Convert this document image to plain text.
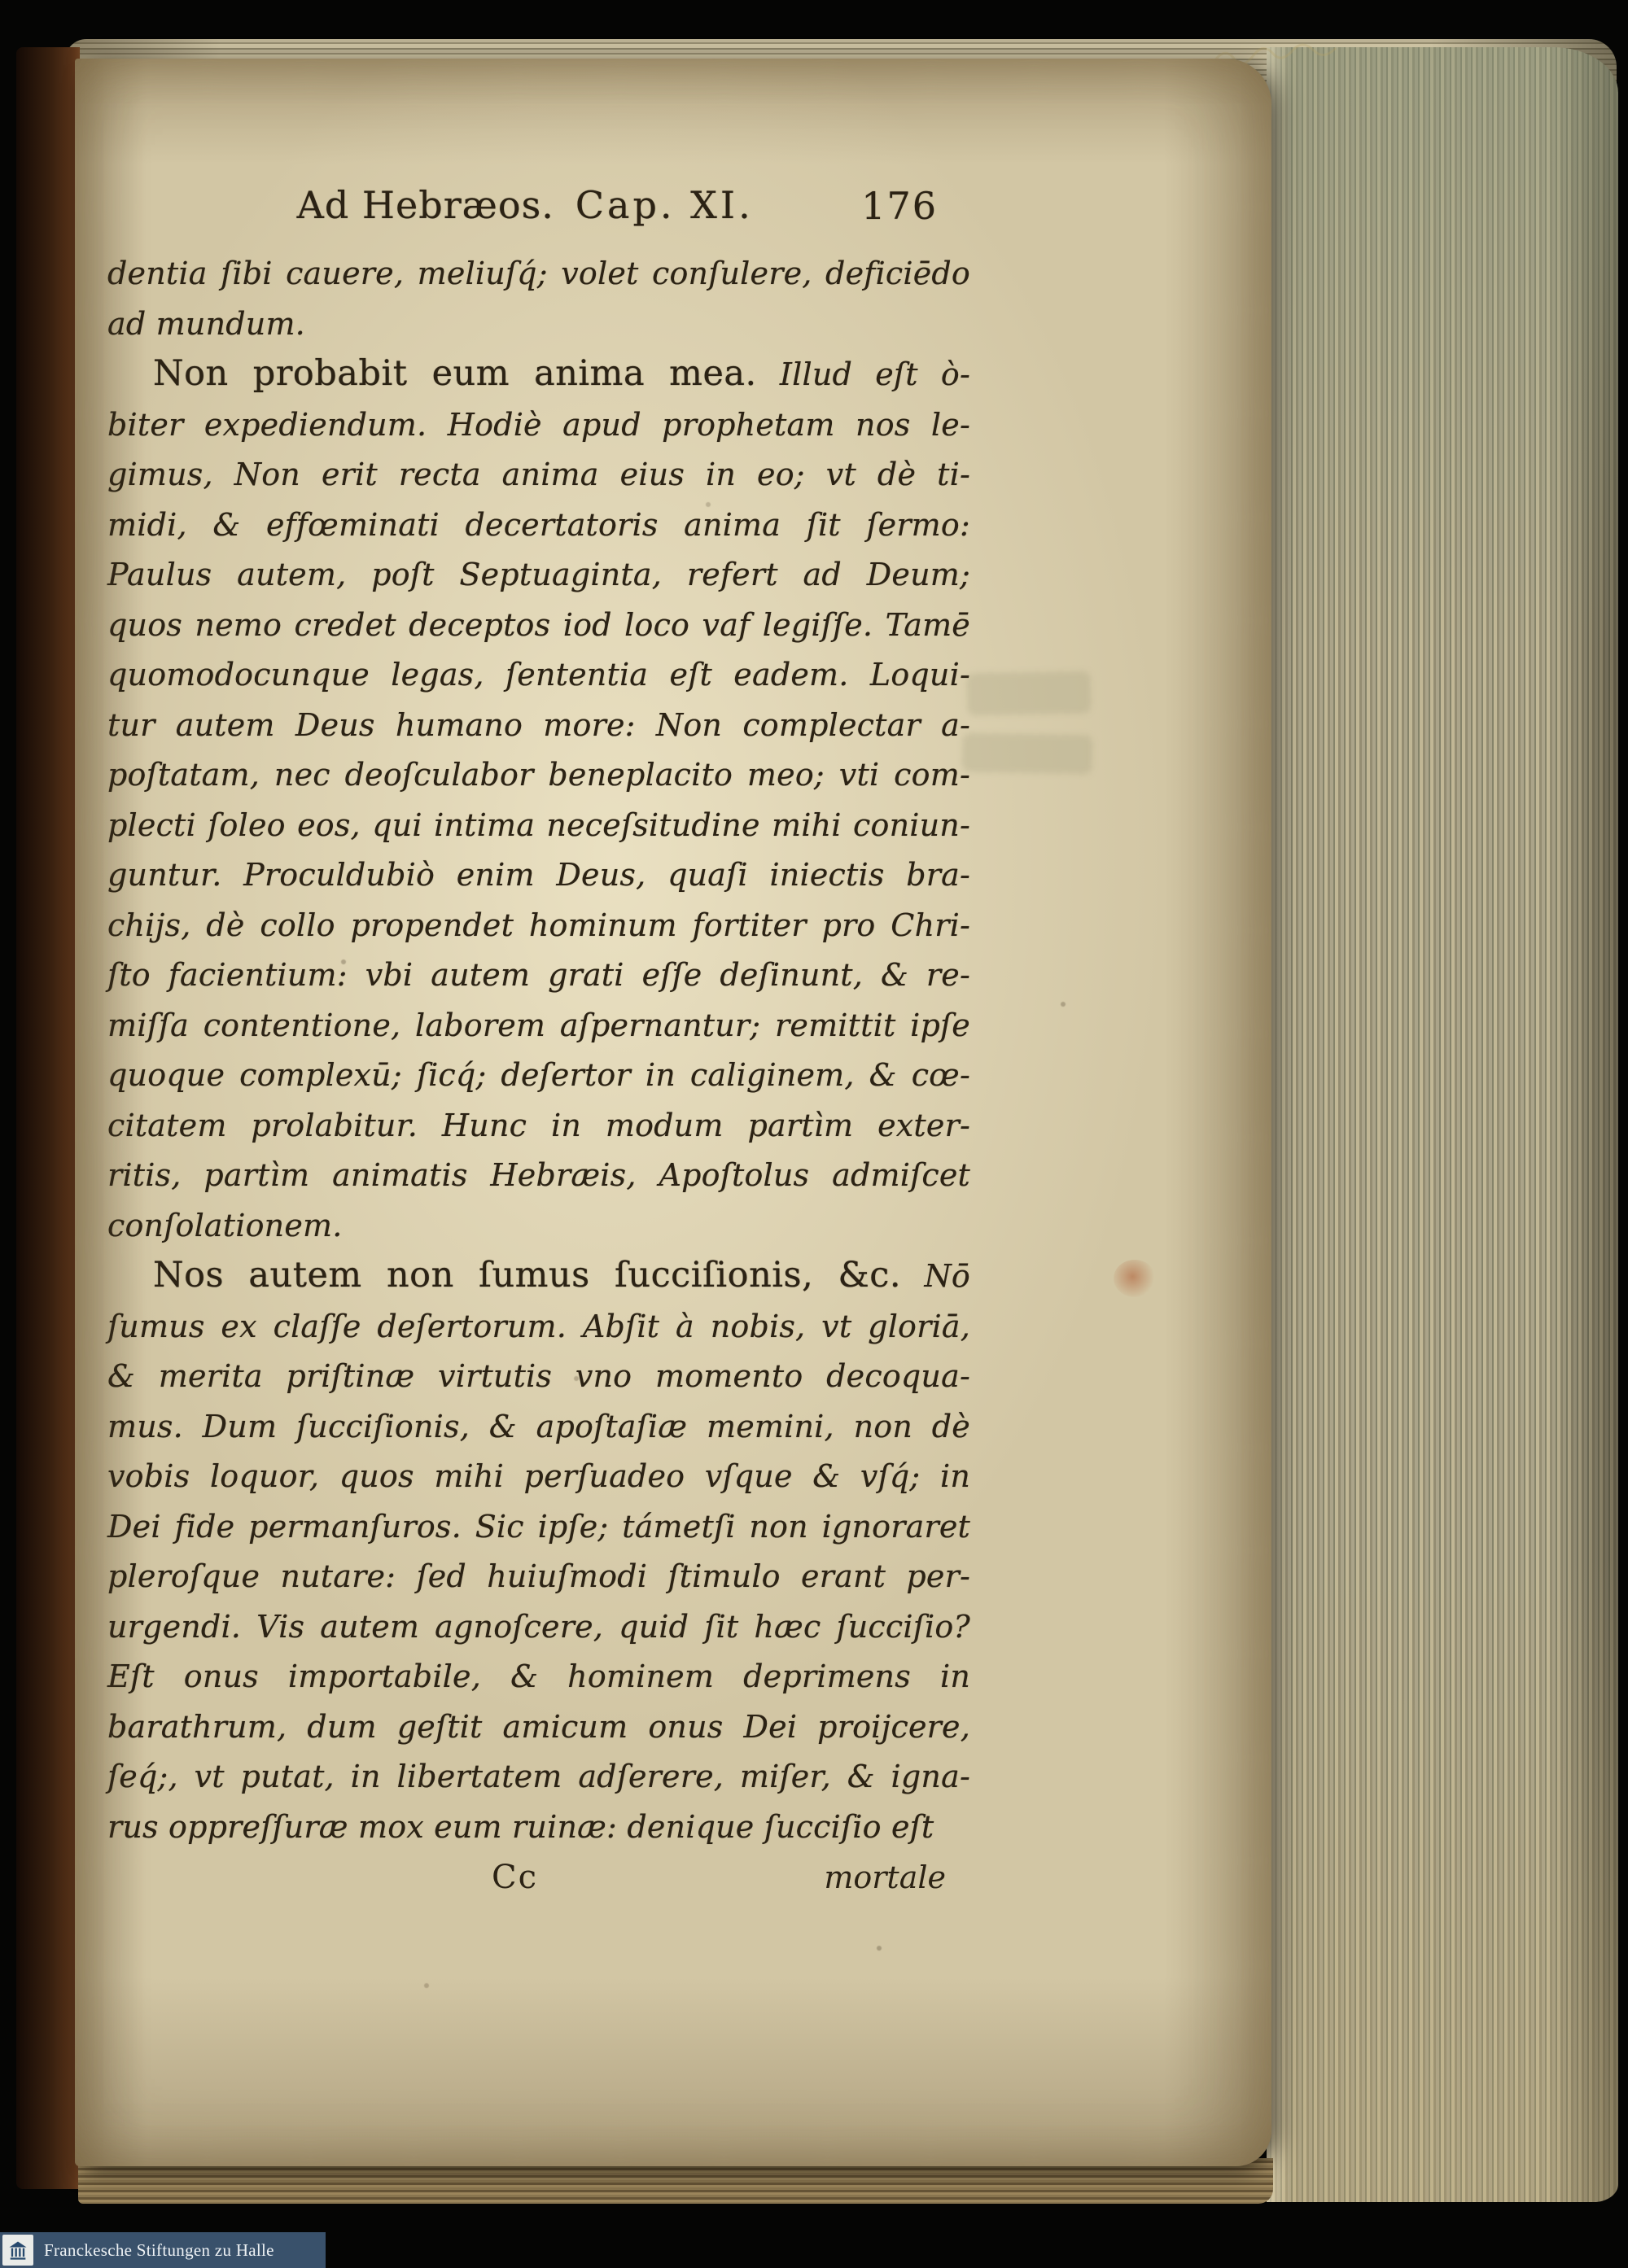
Ad Hebræos. Cap. XI.	176
dentia ſibi cauere, meliuſq́; volet conſulere, deficiēdo
ad mundum.
Non probabit eum anima mea. Illud eſt ò-
biter expediendum. Hodiè apud prophetam nos le-
gimus, Non erit recta anima eius in eo; vt dè ti-
midi, & effœminati decertatoris anima ſit ſermo:
Paulus autem, poſt Septuaginta, refert ad Deum;
quos nemo credet deceptos iod loco vaf legiſſe. Tamē
quomodocunque legas, ſententia eſt eadem. Loqui-
tur autem Deus humano more: Non complectar a-
poſtatam, nec deoſculabor beneplacito meo; vti com-
plecti ſoleo eos, qui intima neceſsitudine mihi coniun-
guntur. Proculdubiò enim Deus, quaſi iniectis bra-
chijs, dè collo propendet hominum fortiter pro Chri-
ſto facientium: vbi autem grati eſſe deſinunt, & re-
miſſa contentione, laborem aſpernantur; remittit ipſe
quoque complexū; ſicq́; deſertor in caliginem, & cœ-
citatem prolabitur. Hunc in modum partìm exter-
ritis, partìm animatis Hebræis, Apoſtolus admiſcet
conſolationem.
Nos autem non ſumus ſucciſionis, &c. Nō
ſumus ex claſſe deſertorum. Abſit à nobis, vt gloriā,
& merita priſtinæ virtutis vno momento decoqua-
mus. Dum ſucciſionis, & apoſtaſiæ memini, non dè
vobis loquor, quos mihi perſuadeo vſque & vſq́; in
Dei fide permanſuros. Sic ipſe; támetſi non ignoraret
pleroſque nutare: ſed huiuſmodi ſtimulo erant per-
urgendi. Vis autem agnoſcere, quid ſit hæc ſucciſio?
Eſt onus importabile, & hominem deprimens in
barathrum, dum geſtit amicum onus Dei proijcere,
ſeq́;, vt putat, in libertatem adſerere, miſer, & igna-
rus oppreſſuræ mox eum ruinæ: denique ſucciſio eſt
Cc	mortale
Franckesche Stiftungen zu Halle
